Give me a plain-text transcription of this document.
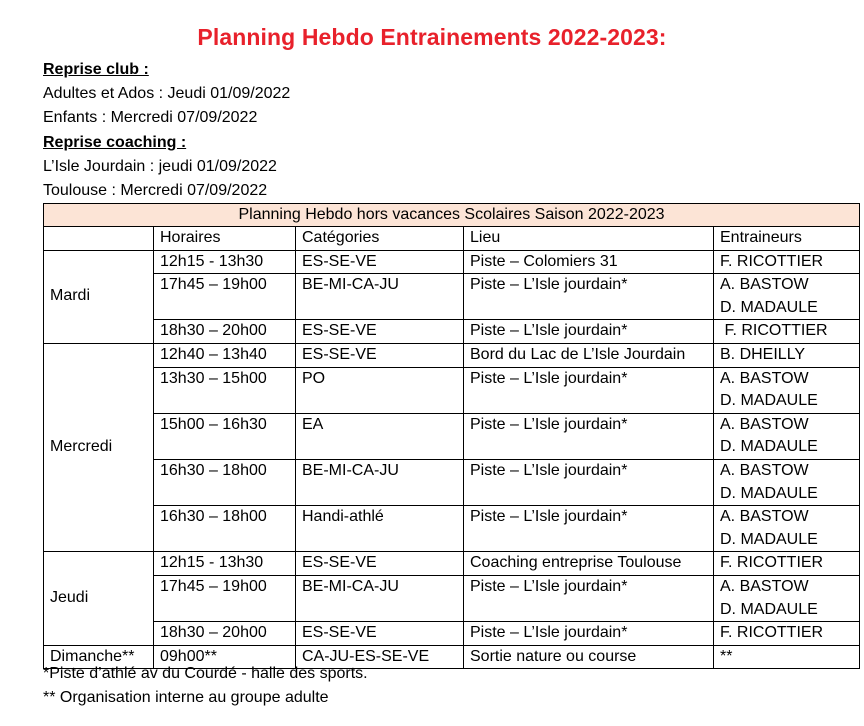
Planning Hebdo Entrainements 2022-2023:
Reprise club :
Adultes et Ados : Jeudi 01/09/2022
Enfants : Mercredi 07/09/2022
Reprise coaching :
L’Isle Jourdain : jeudi 01/09/2022
Toulouse : Mercredi 07/09/2022
Planning Hebdo hors vacances Scolaires Saison 2022-2023				
	Horaires	Catégories	Lieu	Entraineurs
Mardi	12h15 - 13h30	ES-SE-VE	Piste – Colomiers 31	F. RICOTTIER

	17h45 – 19h00	BE-MI-CA-JU	Piste – L’Isle jourdain*	A. BASTOW
D. MADAULE

	18h30 – 20h00	ES-SE-VE	Piste – L’Isle jourdain*	F. RICOTTIER

Mercredi	12h40 – 13h40	ES-SE-VE	Bord du Lac de L’Isle Jourdain	B. DHEILLY

	13h30 – 15h00	PO	Piste – L’Isle jourdain*	A. BASTOW
D. MADAULE

	15h00 – 16h30	EA	Piste – L’Isle jourdain*	A. BASTOW
D. MADAULE

	16h30 – 18h00	BE-MI-CA-JU	Piste – L’Isle jourdain*	A. BASTOW
D. MADAULE

	16h30 – 18h00	Handi-athlé	Piste – L’Isle jourdain*	A. BASTOW
D. MADAULE

Jeudi	12h15 - 13h30	ES-SE-VE	Coaching entreprise Toulouse	F. RICOTTIER

	17h45 – 19h00	BE-MI-CA-JU	Piste – L’Isle jourdain*	A. BASTOW
D. MADAULE

	18h30 – 20h00	ES-SE-VE	Piste – L’Isle jourdain*	F. RICOTTIER

Dimanche**	09h00**	CA-JU-ES-SE-VE	Sortie nature ou course	**
*Piste d’athlé av du Courdé - halle des sports.
** Organisation interne au groupe adulte
